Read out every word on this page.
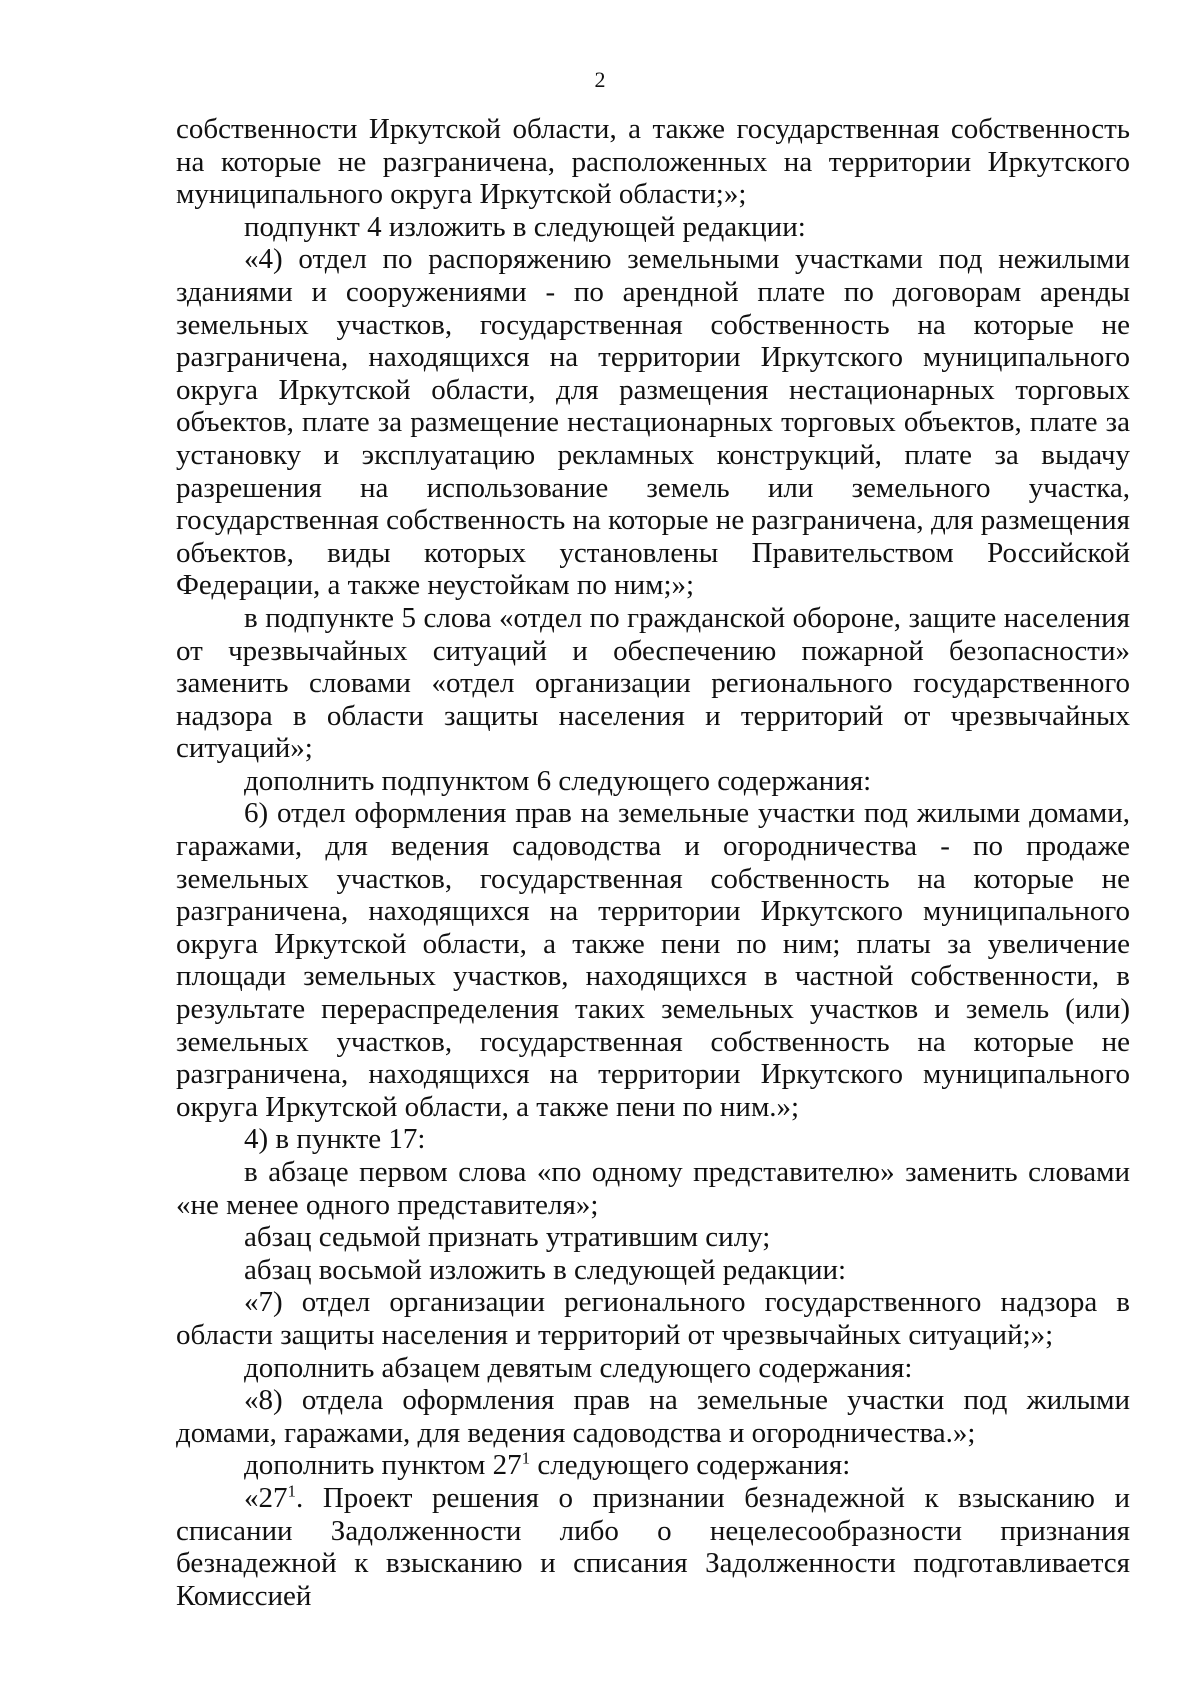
2

собственности Иркутской области, а также государственная собственность на которые не разграничена, расположенных на территории Иркутского муниципального округа Иркутской области;»;

подпункт 4 изложить в следующей редакции:

«4) отдел по распоряжению земельными участками под нежилыми зданиями и сооружениями - по арендной плате по договорам аренды земельных участков, государственная собственность на которые не разграничена, находящихся на территории Иркутского муниципального округа Иркутской области, для размещения нестационарных торговых объектов, плате за размещение нестационарных торговых объектов, плате за установку и эксплуатацию рекламных конструкций, плате за выдачу разрешения на использование земель или земельного участка, государственная собственность на которые не разграничена, для размещения объектов, виды которых установлены Правительством Российской Федерации, а также неустойкам по ним;»;

в подпункте 5 слова «отдел по гражданской обороне, защите населения от чрезвычайных ситуаций и обеспечению пожарной безопасности» заменить словами «отдел организации регионального государственного надзора в области защиты населения и территорий от чрезвычайных ситуаций»;

дополнить подпунктом 6 следующего содержания:

6) отдел оформления прав на земельные участки под жилыми домами, гаражами, для ведения садоводства и огородничества - по продаже земельных участков, государственная собственность на которые не разграничена, находящихся на территории Иркутского муниципального округа Иркутской области, а также пени по ним; платы за увеличение площади земельных участков, находящихся в частной собственности, в результате перераспределения таких земельных участков и земель (или) земельных участков, государственная собственность на которые не разграничена, находящихся на территории Иркутского муниципального округа Иркутской области, а также пени по ним.»;

4) в пункте 17:

в абзаце первом слова «по одному представителю» заменить словами «не менее одного представителя»;

абзац седьмой признать утратившим силу;

абзац восьмой изложить в следующей редакции:

«7) отдел организации регионального государственного надзора в области защиты населения и территорий от чрезвычайных ситуаций;»;

дополнить абзацем девятым следующего содержания:

«8) отдела оформления прав на земельные участки под жилыми домами, гаражами, для ведения садоводства и огородничества.»;

дополнить пунктом $27^1$ следующего содержания:

«$27^1$. Проект решения о признании безнадежной к взысканию и списании Задолженности либо о нецелесообразности признания безнадежной к взысканию и списания Задолженности подготавливается Комиссией
